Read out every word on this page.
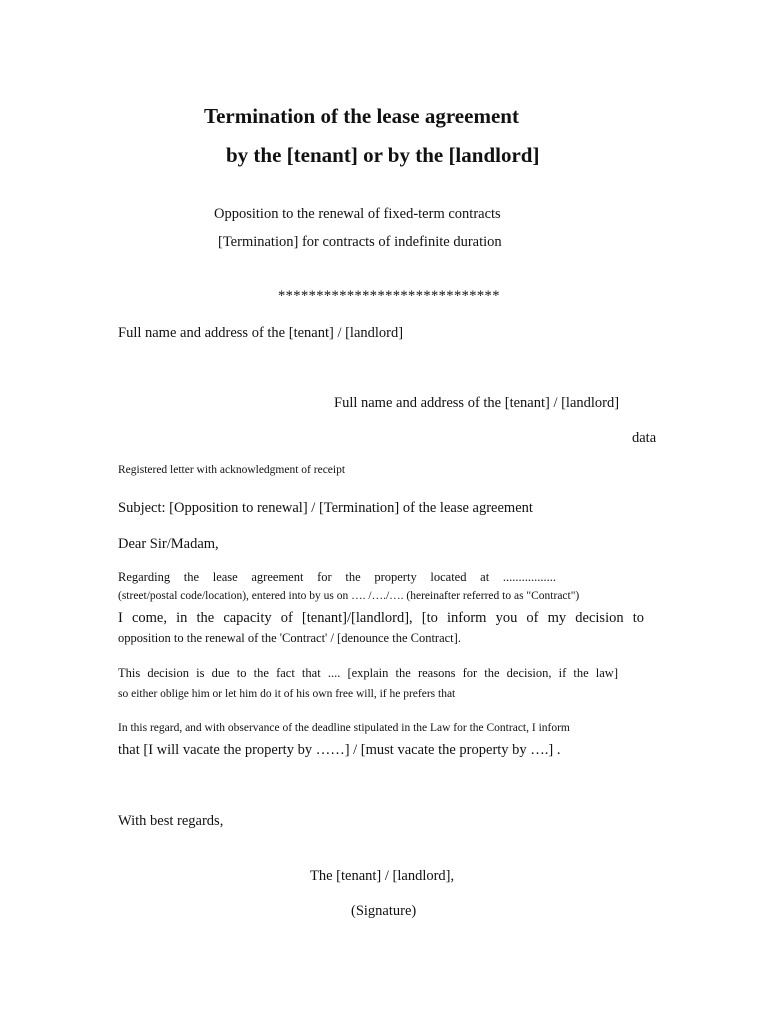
Termination of the lease agreement
by the [tenant] or by the [landlord]
Opposition to the renewal of fixed-term contracts
[Termination] for contracts of indefinite duration
*****************************
Full name and address of the [tenant] / [landlord]
Full name and address of the [tenant] / [landlord]
data
Registered letter with acknowledgment of receipt
Subject: [Opposition to renewal] / [Termination] of the lease agreement
Dear Sir/Madam,
Regarding the lease agreement for the property located at .................
(street/postal code/location), entered into by us on …. /…./…. (hereinafter referred to as "Contract")
I come, in the capacity of [tenant]/[landlord], [to inform you of my decision to
opposition to the renewal of the 'Contract' / [denounce the Contract].
This decision is due to the fact that .... [explain the reasons for the decision, if the law]
so either oblige him or let him do it of his own free will, if he prefers that
In this regard, and with observance of the deadline stipulated in the Law for the Contract, I inform
that [I will vacate the property by ……] / [must vacate the property by ….] .
With best regards,
The [tenant] / [landlord],
(Signature)
